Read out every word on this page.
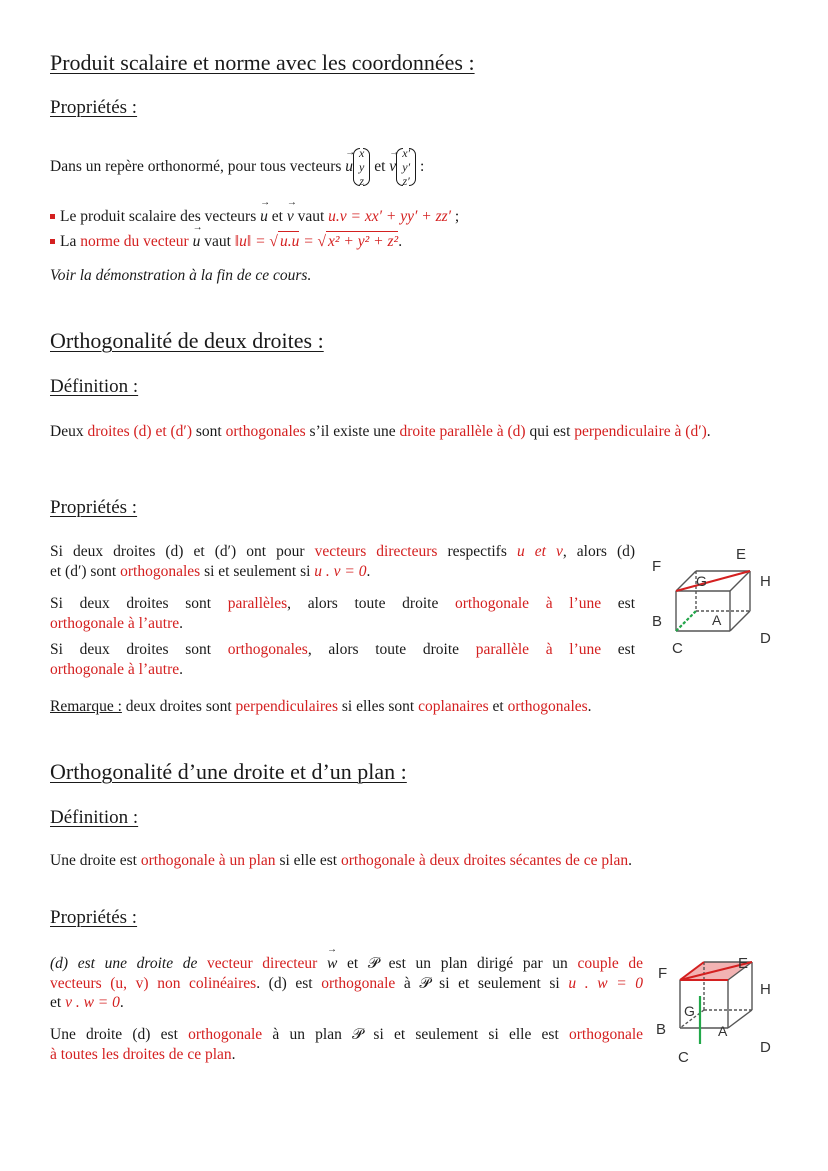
Produit scalaire et norme avec les coordonnées :
Propriétés :
Dans un repère orthonormé, pour tous vecteurs
→ u
x
y
z

et
→ v
x′
y′
z′

:
Le produit scalaire des vecteurs → u et → v vaut u.v = xx′ + yy′ + zz′ ;
La norme du vecteur → u vaut ‖u‖ = √ u.u = √ x² + y² + z².
Voir la démonstration à la fin de ce cours.
Orthogonalité de deux droites :
Définition :
Deux droites (d) et (d′) sont orthogonales s’il existe une droite parallèle à (d) qui est perpendiculaire à (d′).
Propriétés :
Si deux droites (d) et (d′) ont pour vecteurs directeurs respectifs u et v, alors (d)
et (d′) sont orthogonales si et seulement si u . v = 0.
Si deux droites sont parallèles, alors toute droite orthogonale à l’une est
orthogonale à l’autre.
Si deux droites sont orthogonales, alors toute droite parallèle à l’une est
orthogonale à l’autre.
Remarque : deux droites sont perpendiculaires si elles sont coplanaires et orthogonales.
F
E
G	H
B	A
C
D
Orthogonalité d’une droite et d’un plan :
Définition :
Une droite est orthogonale à un plan si elle est orthogonale à deux droites sécantes de ce plan.
Propriétés :
(d) est une droite de vecteur directeur → w et 𝒫 est un plan dirigé par un couple de
vecteurs (u, v) non colinéaires. (d) est orthogonale à 𝒫 si et seulement si u . w = 0
et v . w = 0.
Une droite (d) est orthogonale à un plan 𝒫 si et seulement si elle est orthogonale
à toutes les droites de ce plan.
F
E
G
H
B	A
C
D
